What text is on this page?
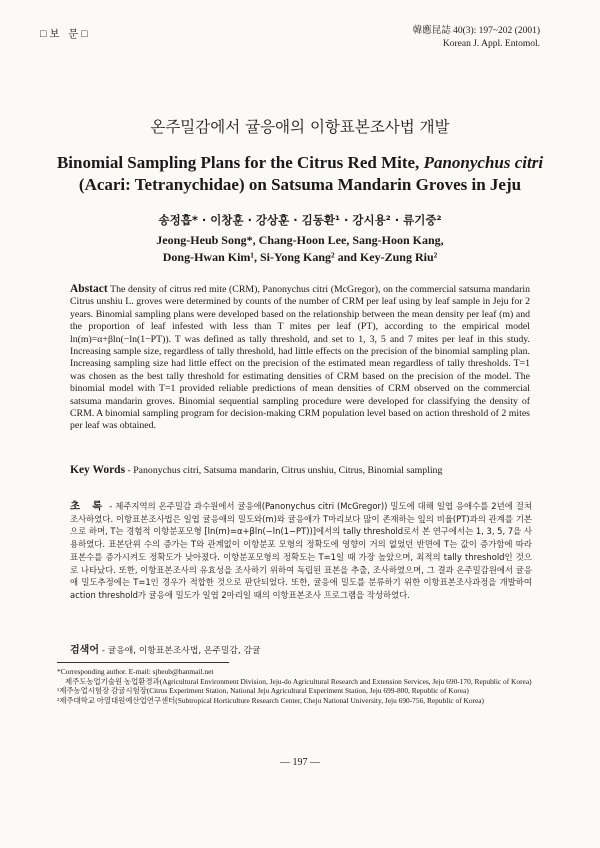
□보 문□	韓應昆誌 40(3): 197~202 (2001)
Korean J. Appl. Entomol.
온주밀감에서 귤응애의 이항표본조사법 개발
Binomial Sampling Plans for the Citrus Red Mite, Panonychus citri
(Acari: Tetranychidae) on Satsuma Mandarin Groves in Jeju
송정흡* · 이창훈 · 강상훈 · 김동환¹ · 강시용² · 류기중²
Jeong-Heub Song*, Chang-Hoon Lee, Sang-Hoon Kang,
Dong-Hwan Kim¹, Si-Yong Kang² and Key-Zung Riu²
Abstact The density of citrus red mite (CRM), Panonychus citri (McGregor), on the commercial satsuma mandarin Citrus unshiu L. groves were determined by counts of the number of CRM per leaf using by leaf sample in Jeju for 2 years. Binomial sampling plans were developed based on the relationship between the mean density per leaf (m) and the proportion of leaf infested with less than T mites per leaf (PT), according to the empirical model ln(m)=α+βln(−ln(1−PT)). T was defined as tally threshold, and set to 1, 3, 5 and 7 mites per leaf in this study. Increasing sample size, regardless of tally threshold, had little effects on the precision of the binomial sampling plan. Increasing sampling size had little effect on the precision of the estimated mean regardless of tally thresholds. T=1 was chosen as the best tally threshold for estimating densities of CRM based on the precision of the model. The binomial model with T=1 provided reliable predictions of mean densities of CRM observed on the commercial satsuma mandarin groves. Binomial sequential sampling procedure were developed for classifying the density of CRM. A binomial sampling program for decision-making CRM population level based on action threshold of 2 mites per leaf was obtained.
Key Words - Panonychus citri, Satsuma mandarin, Citrus unshiu, Citrus, Binomial sampling
초 록 - 제주지역의 온주밀감 과수원에서 귤응애(Panonychus citri (McGregor)) 밀도에 대해 일엽 응애수를 2년에 걸쳐 조사하였다. 이항표본조사법은 일엽 귤응애의 밀도와(m)와 귤응애가 T마리보다 많이 존재하는 잎의 비율(PT)과의 관계를 기본으로 하며, T는 경험적 이항분포모형 [ln(m)=α+βln(−ln(1−PT))]에서의 tally threshold로서 본 연구에서는 1, 3, 5, 7을 사용하였다. 표본단위 수의 증가는 T와 관계없이 이항분포 모형의 정확도에 영향이 거의 없었던 반면에 T는 값이 증가함에 따라 표본수를 증가시켜도 정확도가 낮아졌다. 이항분포모형의 정확도는 T=1일 때 가장 높았으며, 최적의 tally threshold인 것으로 나타났다. 또한, 이항표본조사의 유효성을 조사하기 위하여 독립된 표본을 추출, 조사하였으며, 그 결과 온주밀감원에서 귤응애 밀도추정에는 T=1인 경우가 적합한 것으로 판단되었다. 또한, 귤응애 밀도를 분류하기 위한 이항표본조사과정을 개발하여 action threshold가 귤응애 밀도가 일엽 2마리일 때의 이항표본조사 프로그램을 작성하였다.
검색어 - 귤응애, 이항표본조사법, 온주밀감, 감귤
*Corresponding author. E-mail: sjheub@hanmail.net
제주도농업기술원 농업환경과(Agricultural Environment Division, Jeju-do Agricultural Research and Extension Services, Jeju 690-170, Republic of Korea)
¹제주농업시험장 감귤시험장(Citrus Experiment Station, National Jeju Agricultural Experiment Station, Jeju 699-800, Republic of Korea)
²제주대학교 아열대원예산업연구센터(Subtropical Horticulture Research Center, Cheju National University, Jeju 690-756, Republic of Korea)
— 197 —
